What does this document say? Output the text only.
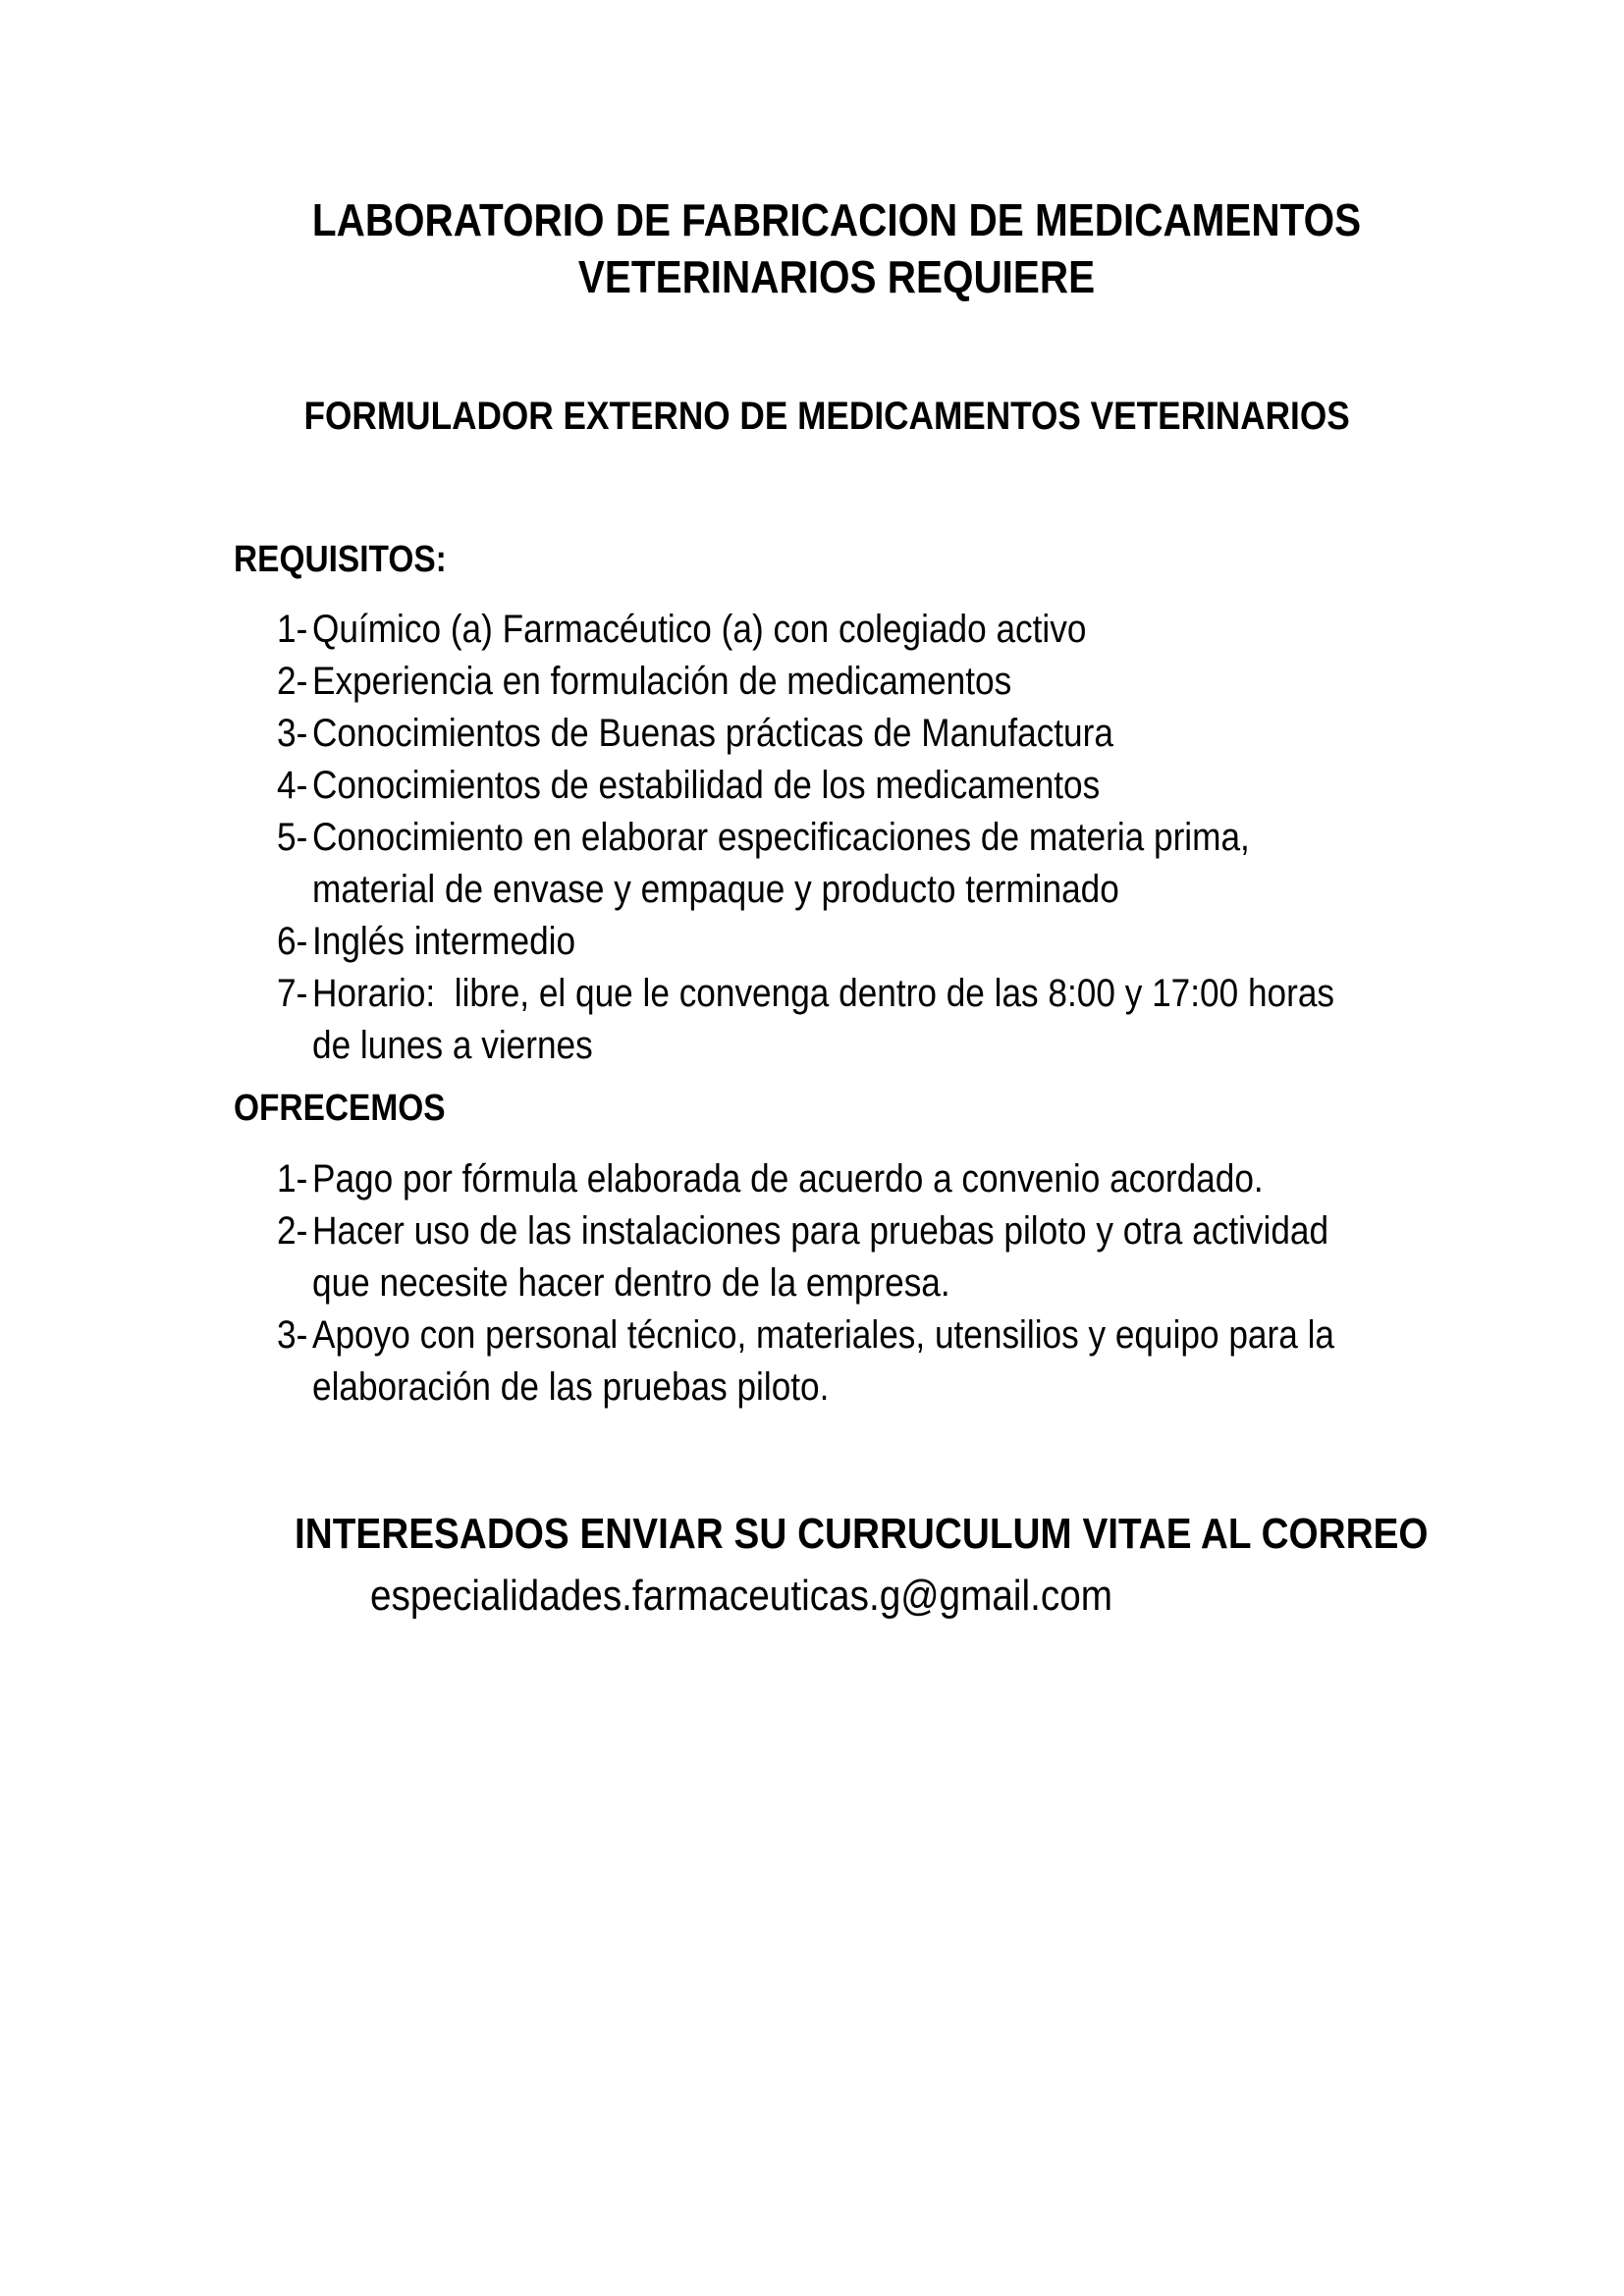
LABORATORIO DE FABRICACION DE MEDICAMENTOS
VETERINARIOS REQUIERE
FORMULADOR EXTERNO DE MEDICAMENTOS VETERINARIOS
REQUISITOS:
1- Químico (a) Farmacéutico (a) con colegiado activo
2- Experiencia en formulación de medicamentos
3- Conocimientos de Buenas prácticas de Manufactura
4- Conocimientos de estabilidad de los medicamentos
5- Conocimiento en elaborar especificaciones de materia prima,
material de envase y empaque y producto terminado
6- Inglés intermedio
7- Horario:  libre, el que le convenga dentro de las 8:00 y 17:00 horas
de lunes a viernes
OFRECEMOS
1- Pago por fórmula elaborada de acuerdo a convenio acordado.
2- Hacer uso de las instalaciones para pruebas piloto y otra actividad
que necesite hacer dentro de la empresa.
3- Apoyo con personal técnico, materiales, utensilios y equipo para la
elaboración de las pruebas piloto.
INTERESADOS ENVIAR SU CURRUCULUM VITAE AL CORREO
especialidades.farmaceuticas.g@gmail.com
